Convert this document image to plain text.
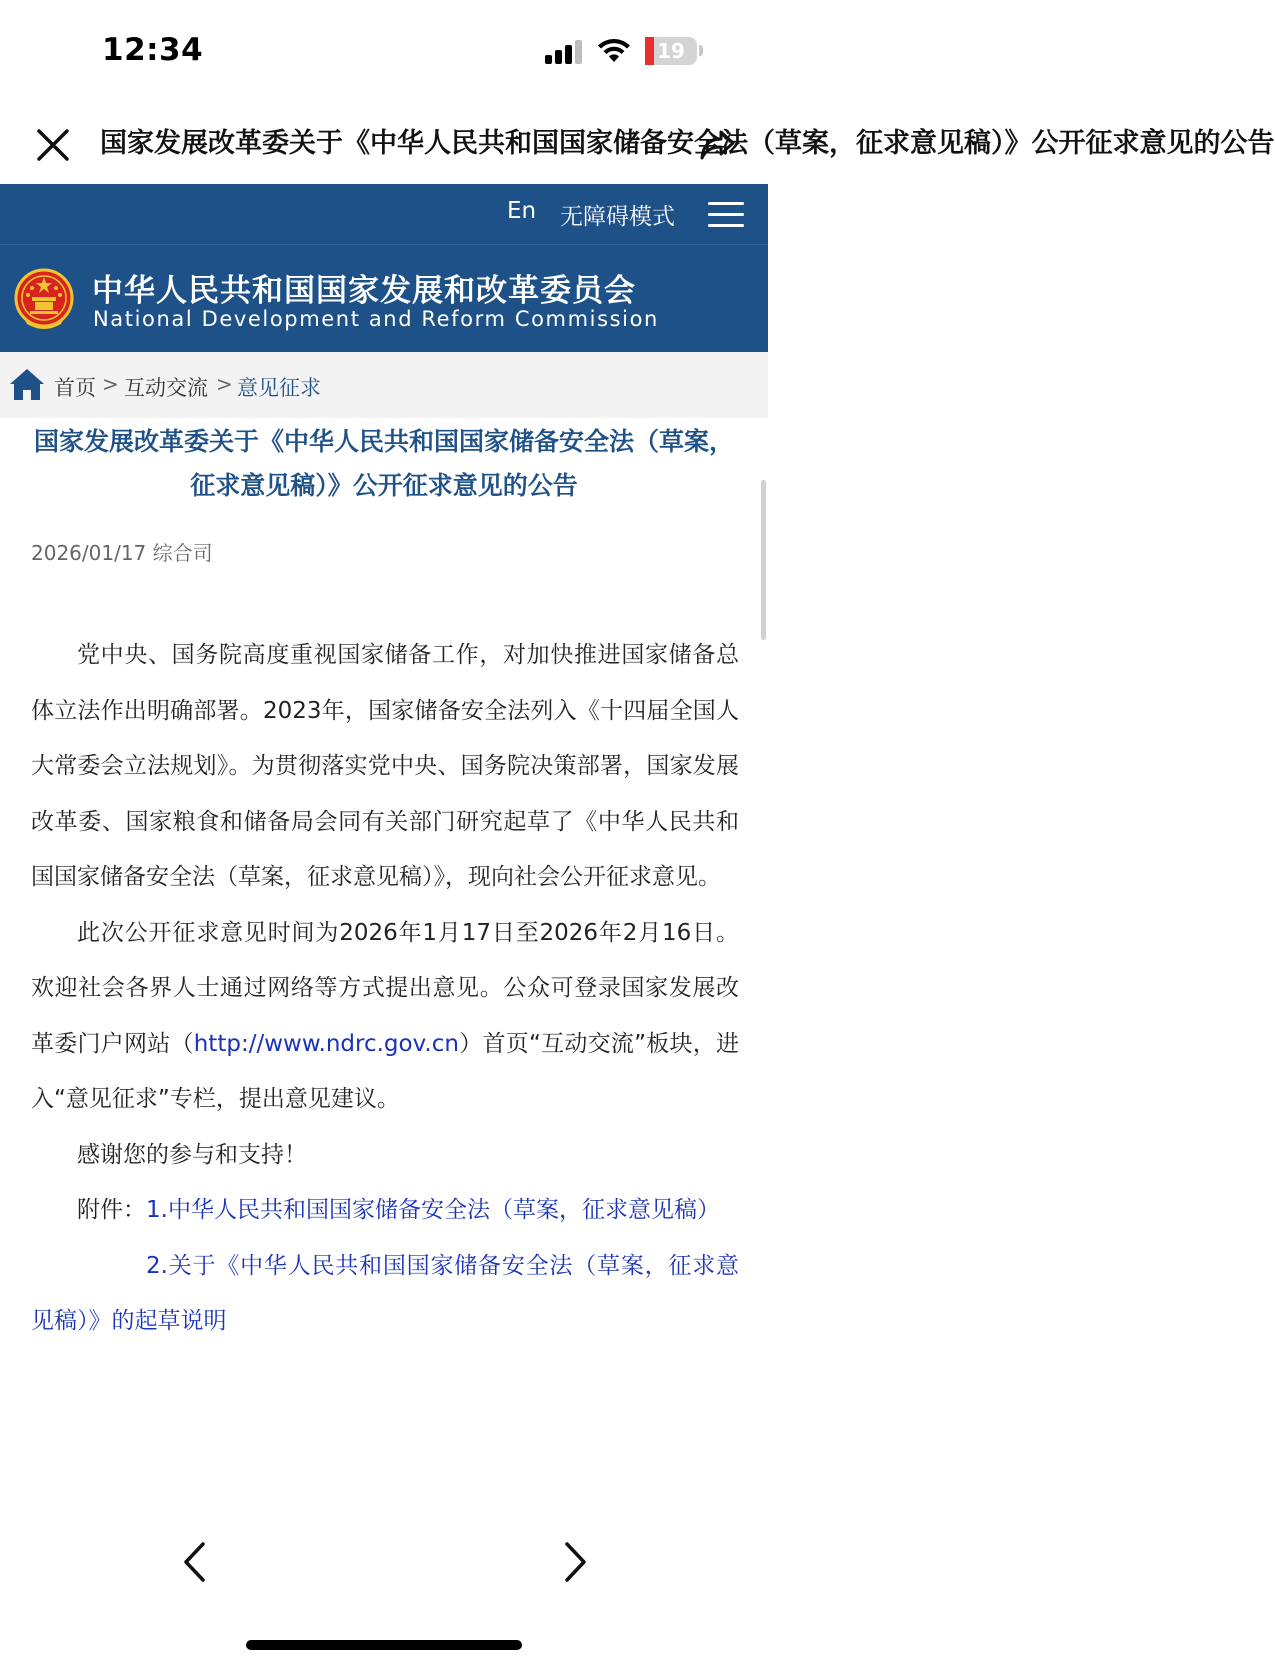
12:34	19
国家发展改革委关于《中华人民共和国国家储备安全法（草案，征求意见稿）》公开征求意见的公告
En 无障碍模式
中华人民共和国国家发展和改革委员会
National Development and Reform Commission
首页 > 互动交流 > 意见征求
国家发展改革委关于《中华人民共和国国家储备安全法（草案，征求意见稿）》公开征求意见的公告
2026/01/17 综合司

党中央、国务院高度重视国家储备工作，对加快推进国家储备总体立法作出明确部署。2023年，国家储备安全法列入《十四届全国人大常委会立法规划》。为贯彻落实党中央、国务院决策部署，国家发展改革委、国家粮食和储备局会同有关部门研究起草了《中华人民共和国国家储备安全法（草案，征求意见稿）》，现向社会公开征求意见。

此次公开征求意见时间为2026年1月17日至2026年2月16日。欢迎社会各界人士通过网络等方式提出意见。公众可登录国家发展改革委门户网站（http://www.ndrc.gov.cn）首页“互动交流”板块，进入“意见征求”专栏，提出意见建议。

感谢您的参与和支持！

附件：1.中华人民共和国国家储备安全法（草案，征求意见稿）
2.关于《中华人民共和国国家储备安全法（草案，征求意见稿）》的起草说明
